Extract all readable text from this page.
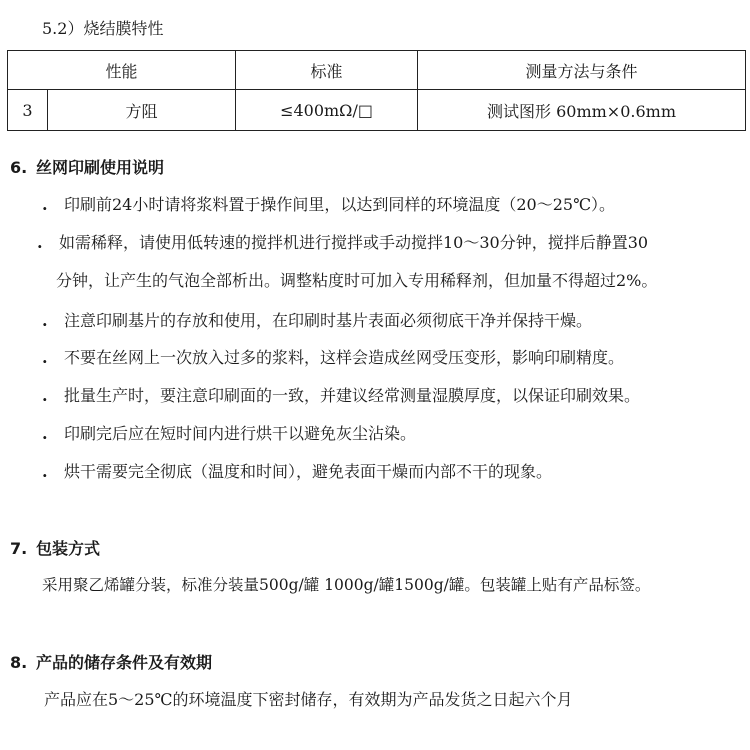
5.2）烧结膜特性
性能		标准	测量方法与条件
3	方阻	≤400mΩ/□	测试图形 60mm×0.6mm
6. 丝网印刷使用说明
. 印刷前24小时请将浆料置于操作间里，以达到同样的环境温度（20～25℃）。
. 如需稀释，请使用低转速的搅拌机进行搅拌或手动搅拌10～30分钟，搅拌后静置30
分钟，让产生的气泡全部析出。调整粘度时可加入专用稀释剂，但加量不得超过2%。
. 注意印刷基片的存放和使用，在印刷时基片表面必须彻底干净并保持干燥。
. 不要在丝网上一次放入过多的浆料，这样会造成丝网受压变形，影响印刷精度。
. 批量生产时，要注意印刷面的一致，并建议经常测量湿膜厚度，以保证印刷效果。
. 印刷完后应在短时间内进行烘干以避免灰尘沾染。
. 烘干需要完全彻底（温度和时间），避免表面干燥而内部不干的现象。
7. 包装方式
采用聚乙烯罐分装，标准分装量500g/罐 1000g/罐1500g/罐。包装罐上贴有产品标签。
8. 产品的储存条件及有效期
产品应在5～25℃的环境温度下密封储存，有效期为产品发货之日起六个月
